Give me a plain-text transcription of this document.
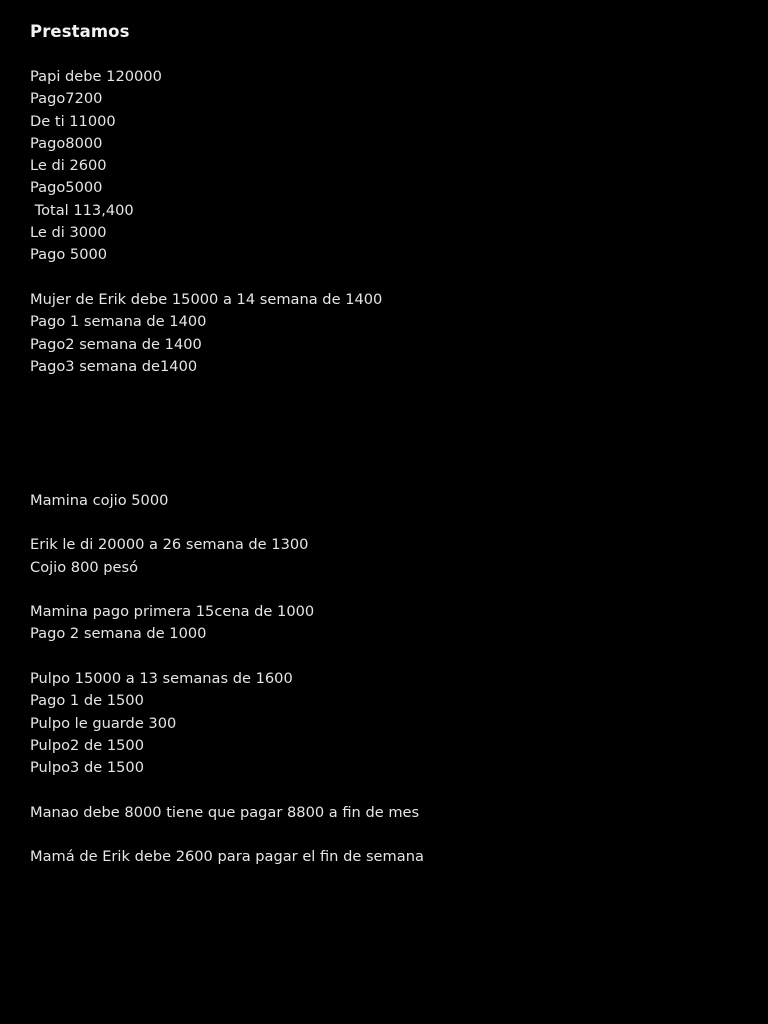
Prestamos
Papi debe 120000
Pago7200
De ti 11000
Pago8000
Le di 2600
Pago5000
Total 113,400
Le di 3000
Pago 5000
Mujer de Erik debe 15000 a 14 semana de 1400
Pago 1 semana de 1400
Pago2 semana de 1400
Pago3 semana de1400
Mamina cojio 5000
Erik le di 20000 a 26 semana de 1300
Cojio 800 pesó
Mamina pago primera 15cena de 1000
Pago 2 semana de 1000
Pulpo 15000 a 13 semanas de 1600
Pago 1 de 1500
Pulpo le guarde 300
Pulpo2 de 1500
Pulpo3 de 1500
Manao debe 8000 tiene que pagar 8800 a fin de mes
Mamá de Erik debe 2600 para pagar el fin de semana
